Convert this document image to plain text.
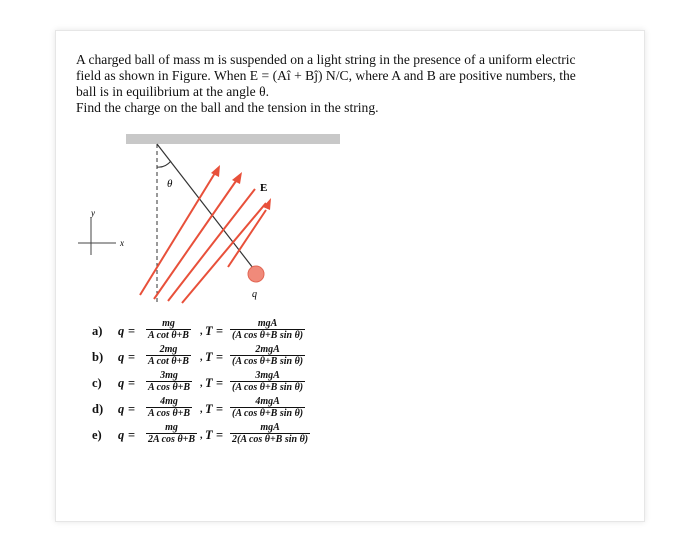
A charged ball of mass m is suspended on a light string in the presence of a uniform electric
field as shown in Figure. When E = (Aî + Bĵ) N/C, where A and B are positive numbers, the
ball is in equilibrium at the angle θ.
Find the charge on the ball and the tension in the string.

θ	E
q
y
x
a) $q = \frac{mg}{\text{A cot θ+B}}$ , T =
mgA
(A cos θ+B sin θ)
b) $q = \frac{2mg}{\text{A cot θ+B}}$ , T =
2mgA
(A cos θ+B sin θ)
c) $q = \frac{3mg}{\text{A cos θ+B}}$ , T =
3mgA
(A cos θ+B sin θ)
d) $q = \frac{4mg}{\text{A cos θ+B}}$ , T =
4mgA
(A cos θ+B sin θ)
e) $q = \frac{mg}{\text{2A cos θ+B}}$ , T =
mgA
2(A cos θ+B sin θ)
